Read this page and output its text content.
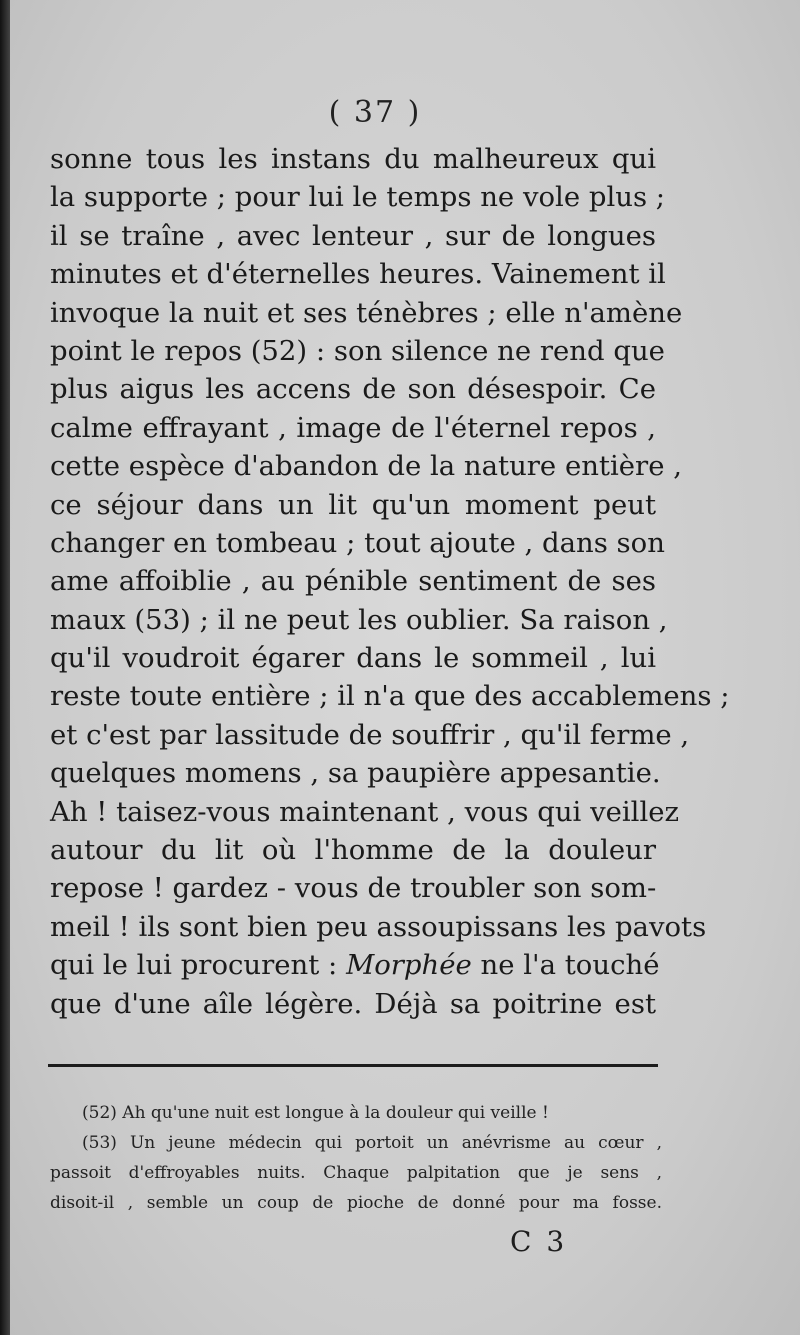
( 37 )
sonne tous les instans du malheureux qui
la supporte ; pour lui le temps ne vole plus ;
il se traîne , avec lenteur , sur de longues
minutes et d'éternelles heures. Vainement il
invoque la nuit et ses ténèbres ; elle n'amène
point le repos (52) : son silence ne rend que
plus aigus les accens de son désespoir. Ce
calme effrayant , image de l'éternel repos ,
cette espèce d'abandon de la nature entière ,
ce séjour dans un lit qu'un moment peut
changer en tombeau ; tout ajoute , dans son
ame affoiblie , au pénible sentiment de ses
maux (53) ; il ne peut les oublier. Sa raison ,
qu'il voudroit égarer dans le sommeil , lui
reste toute entière ; il n'a que des accablemens ;
et c'est par lassitude de souffrir , qu'il ferme ,
quelques momens , sa paupière appesantie.
Ah ! taisez-vous maintenant , vous qui veillez
autour du lit où l'homme de la douleur
repose ! gardez - vous de troubler son som-
meil ! ils sont bien peu assoupissans les pavots
qui le lui procurent : Morphée ne l'a touché
que d'une aîle légère. Déjà sa poitrine est
(52) Ah qu'une nuit est longue à la douleur qui veille !
(53) Un jeune médecin qui portoit un anévrisme au cœur ,
passoit d'effroyables nuits. Chaque palpitation que je sens ,
disoit-il , semble un coup de pioche de donné pour ma fosse.
C 3
